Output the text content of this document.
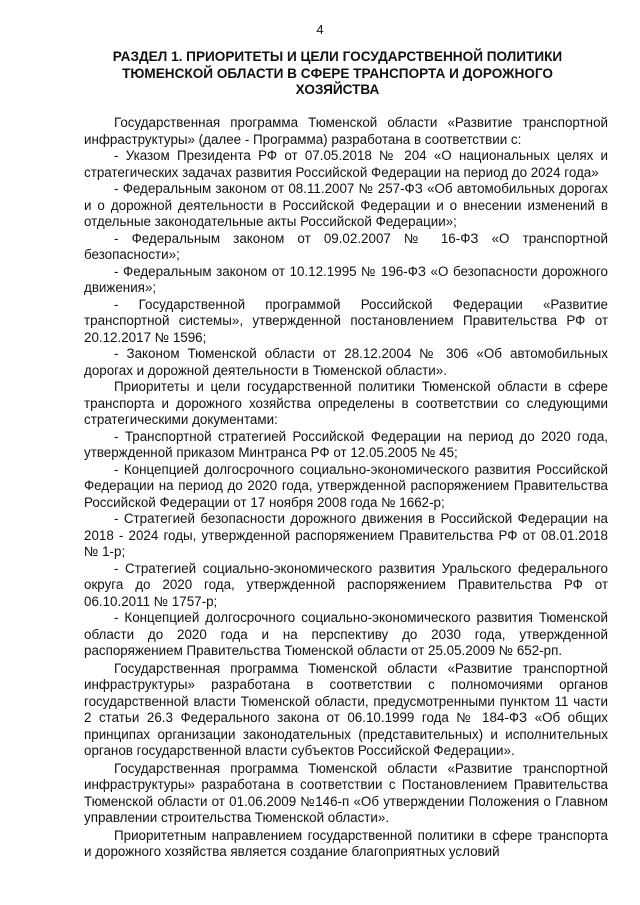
4
РАЗДЕЛ 1. ПРИОРИТЕТЫ И ЦЕЛИ ГОСУДАРСТВЕННОЙ ПОЛИТИКИ ТЮМЕНСКОЙ ОБЛАСТИ В СФЕРЕ ТРАНСПОРТА И ДОРОЖНОГО ХОЗЯЙСТВА

Государственная программа Тюменской области «Развитие транспортной инфраструктуры» (далее - Программа) разработана в соответствии с:

- Указом Президента РФ от 07.05.2018 № 204 «О национальных целях и стратегических задачах развития Российской Федерации на период до 2024 года»

- Федеральным законом от 08.11.2007 № 257-ФЗ «Об автомобильных дорогах и о дорожной деятельности в Российской Федерации и о внесении изменений в отдельные законодательные акты Российской Федерации»;

- Федеральным законом от 09.02.2007 № 16-ФЗ «О транспортной безопасности»;

- Федеральным законом от 10.12.1995 № 196-ФЗ «О безопасности дорожного движения»;

- Государственной программой Российской Федерации «Развитие транспортной системы», утвержденной постановлением Правительства РФ от 20.12.2017 № 1596;

- Законом Тюменской области от 28.12.2004 № 306 «Об автомобильных дорогах и дорожной деятельности в Тюменской области».

Приоритеты и цели государственной политики Тюменской области в сфере транспорта и дорожного хозяйства определены в соответствии со следующими стратегическими документами:

- Транспортной стратегией Российской Федерации на период до 2020 года, утвержденной приказом Минтранса РФ от 12.05.2005 № 45;

- Концепцией долгосрочного социально-экономического развития Российской Федерации на период до 2020 года, утвержденной распоряжением Правительства Российской Федерации от 17 ноября 2008 года № 1662-р;

- Стратегией безопасности дорожного движения в Российской Федерации на 2018 - 2024 годы, утвержденной распоряжением Правительства РФ от 08.01.2018 № 1-р;

- Стратегией социально-экономического развития Уральского федерального округа до 2020 года, утвержденной распоряжением Правительства РФ от 06.10.2011 № 1757-р;

- Концепцией долгосрочного социально-экономического развития Тюменской области до 2020 года и на перспективу до 2030 года, утвержденной распоряжением Правительства Тюменской области от 25.05.2009 № 652-рп.

Государственная программа Тюменской области «Развитие транспортной инфраструктуры» разработана в соответствии с полномочиями органов государственной власти Тюменской области, предусмотренными пунктом 11 части 2 статьи 26.3 Федерального закона от 06.10.1999 года № 184-ФЗ «Об общих принципах организации законодательных (представительных) и исполнительных органов государственной власти субъектов Российской Федерации».

Государственная программа Тюменской области «Развитие транспортной инфраструктуры» разработана в соответствии с Постановлением Правительства Тюменской области от 01.06.2009 №146-п «Об утверждении Положения о Главном управлении строительства Тюменской области».

Приоритетным направлением государственной политики в сфере транспорта и дорожного хозяйства является создание благоприятных условий
